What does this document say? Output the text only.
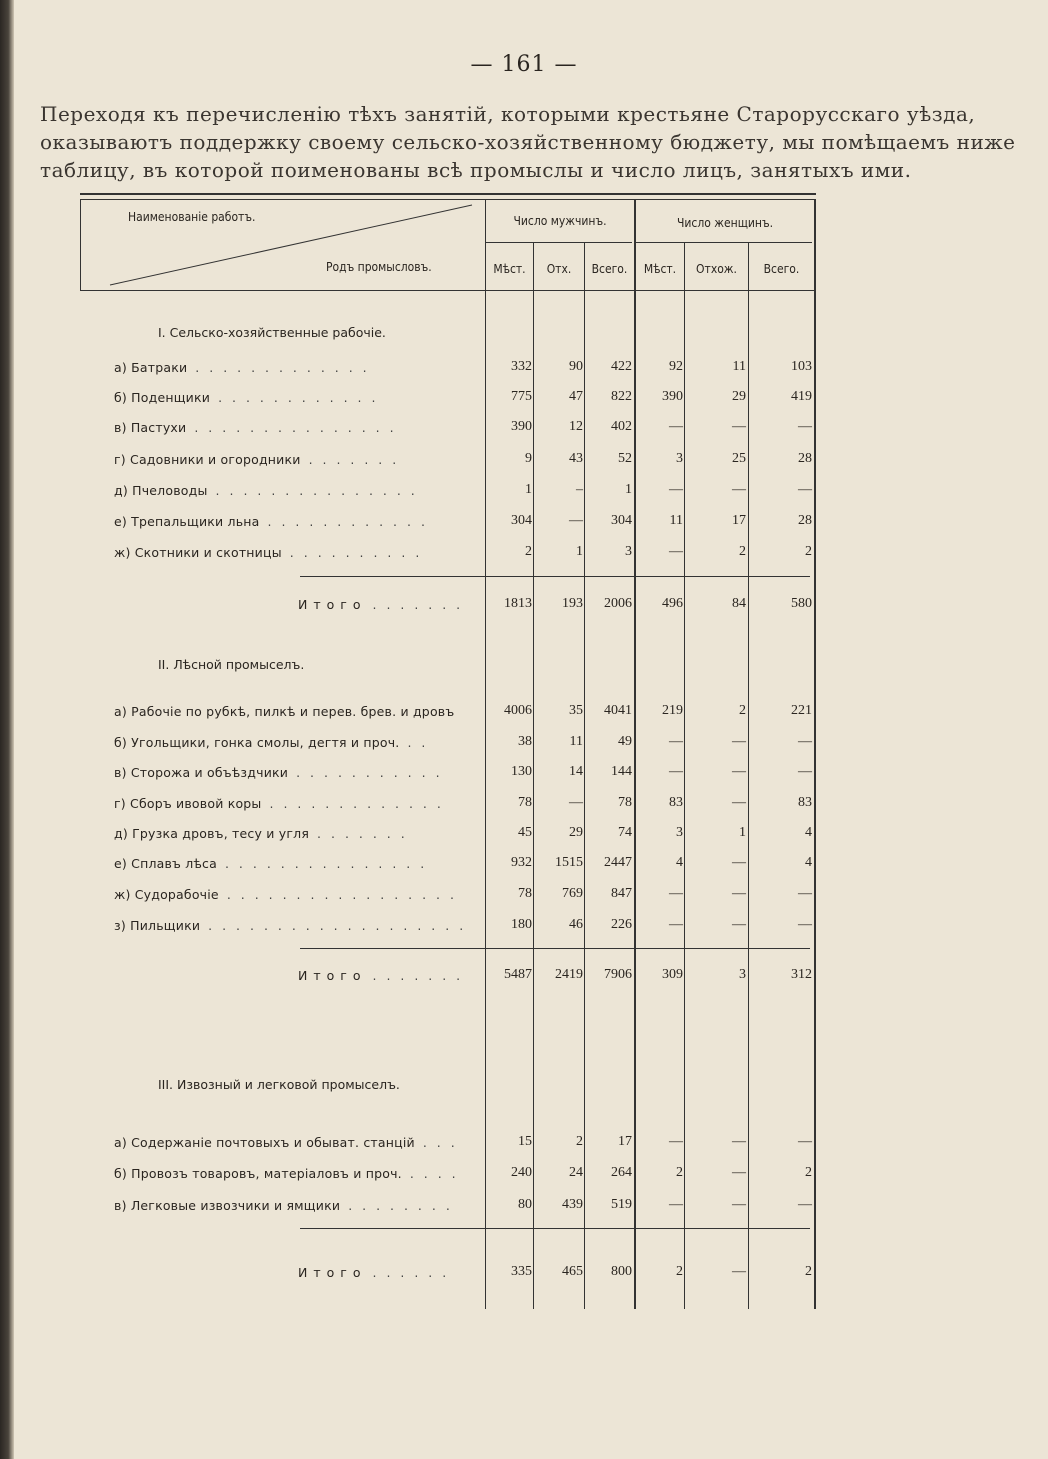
— 161 —
Переходя къ перечисленію тѣхъ занятій, которыми крестьяне Старорусскаго уѣзда,
оказываютъ поддержку своему сельско-хозяйственному бюджету, мы помѣщаемъ ниже
таблицу, въ которой поименованы всѣ промыслы и число лицъ, занятыхъ ими.
Наименованіе работъ.
Родъ промысловъ.
Число мужчинъ.	Число женщинъ.
Мѣст.	Отх.	Всего.	Мѣст.	Отхож.	Всего.
I. Сельско-хозяйственные рабочіе.
а) Батраки . . . . . . . . . . . . .	332	90	422	92	11	103
б) Поденщики . . . . . . . . . . . .	775	47	822	390	29	419
в) Пастухи . . . . . . . . . . . . . . .	390	12	402	—	—	—
г) Садовники и огородники . . . . . . .	9	43	52	3	25	28
д) Пчеловоды . . . . . . . . . . . . . . .	1	–	1	—	—	—
е) Трепальщики льна . . . . . . . . . . . .	304	—	304	11	17	28
ж) Скотники и скотницы . . . . . . . . . .	2	1	3	—	2	2
Итого . . . . . . .	1813	193	2006	496	84	580
II. Лѣсной промыселъ.
а) Рабочіе по рубкѣ, пилкѣ и перев. брев. и дровъ	4006	35	4041	219	2	221
б) Угольщики, гонка смолы, дегтя и проч. . .	38	11	49	—	—	—
в) Сторожа и объѣздчики . . . . . . . . . . .	130	14	144	—	—	—
г) Сборъ ивовой коры . . . . . . . . . . . . .	78	—	78	83	—	83
д) Грузка дровъ, тесу и угля . . . . . . .	45	29	74	3	1	4
е) Сплавъ лѣса . . . . . . . . . . . . . . .	932	1515	2447	4	—	4
ж) Судорабочіе . . . . . . . . . . . . . . . . .	78	769	847	—	—	—
з) Пильщики . . . . . . . . . . . . . . . . . . .	180	46	226	—	—	—
Итого . . . . . . .	5487	2419	7906	309	3	312
III. Извозный и легковой промыселъ.
а) Содержаніе почтовыхъ и обыват. станцій . . .	15	2	17	—	—	—
б) Провозъ товаровъ, матеріаловъ и проч. . . . .	240	24	264	2	—	2
в) Легковые извозчики и ямщики . . . . . . . .	80	439	519	—	—	—
Итого . . . . . .	335	465	800	2	—	2
